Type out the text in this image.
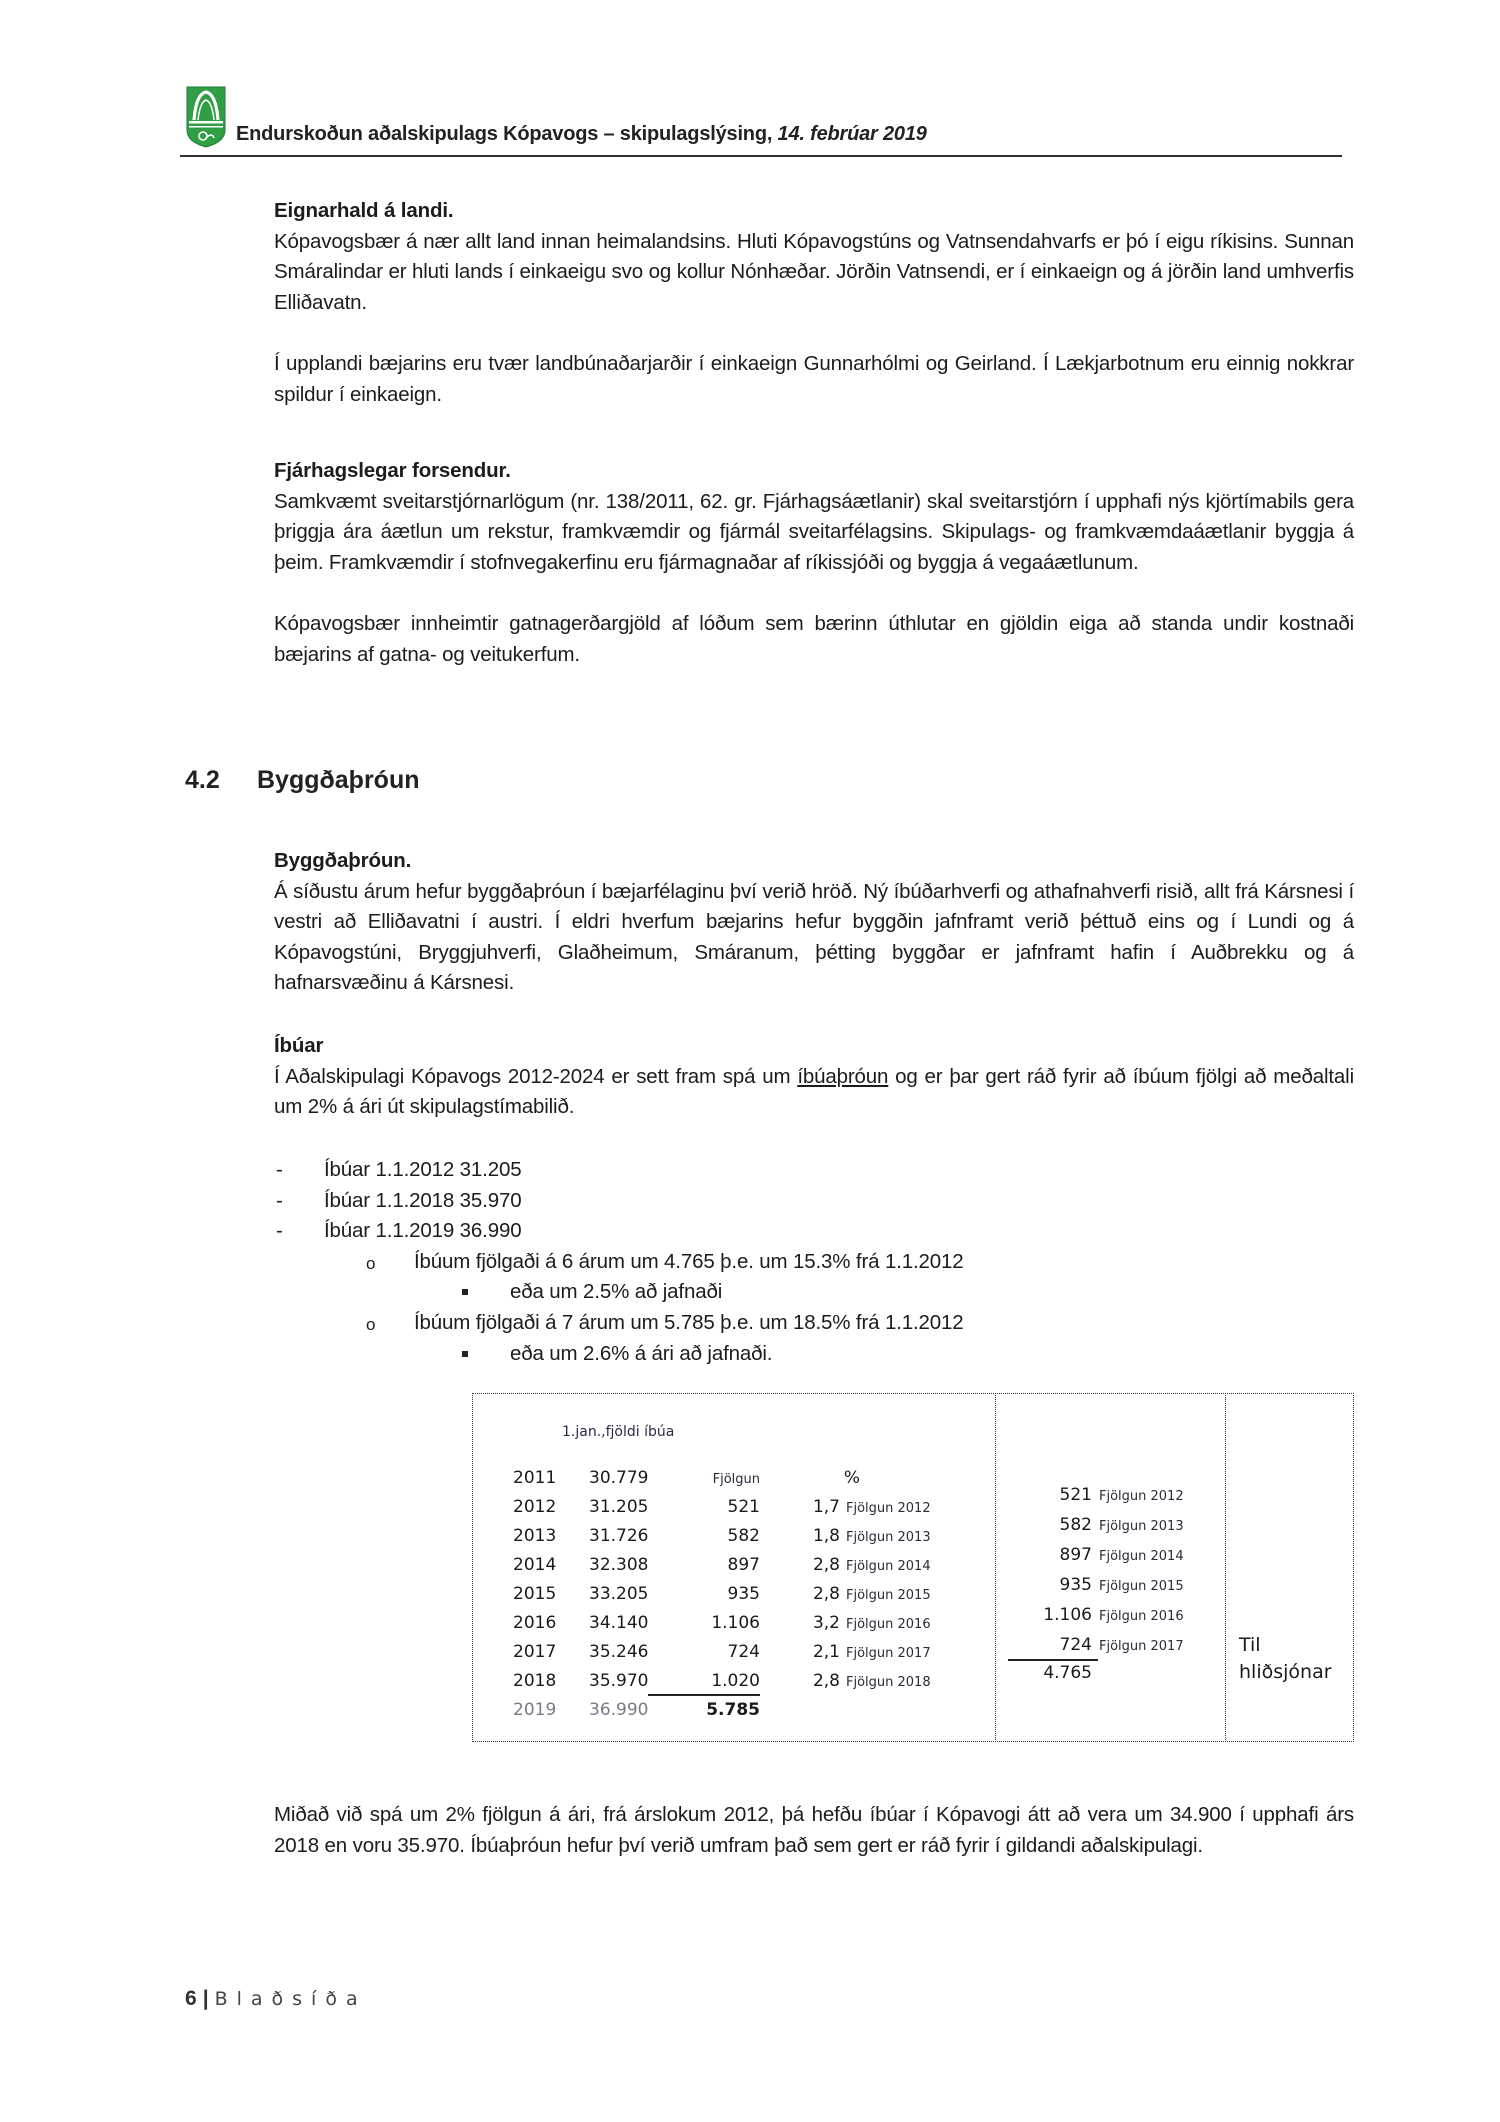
Endurskoðun aðalskipulags Kópavogs – skipulagslýsing, 14. febrúar 2019
Eignarhald á landi.

Kópavogsbær á nær allt land innan heimalandsins. Hluti Kópavogstúns og Vatnsendahvarfs er þó í eigu ríkisins. Sunnan Smáralindar er hluti lands í einkaeigu svo og kollur Nónhæðar. Jörðin Vatnsendi, er í einkaeign og á jörðin land umhverfis Elliðavatn.

Í upplandi bæjarins eru tvær landbúnaðarjarðir í einkaeign Gunnarhólmi og Geirland. Í Lækjarbotnum eru einnig nokkrar spildur í einkaeign.

Fjárhagslegar forsendur.

Samkvæmt sveitarstjórnarlögum (nr. 138/2011, 62. gr. Fjárhagsáætlanir) skal sveitarstjórn í upphafi nýs kjörtímabils gera þriggja ára áætlun um rekstur, framkvæmdir og fjármál sveitarfélagsins. Skipulags- og framkvæmdaáætlanir byggja á þeim. Framkvæmdir í stofnvegakerfinu eru fjármagnaðar af ríkissjóði og byggja á vegaáætlunum.

Kópavogsbær innheimtir gatnagerðargjöld af lóðum sem bærinn úthlutar en gjöldin eiga að standa undir kostnaði bæjarins af gatna- og veitukerfum.

4.2 Byggðaþróun
Byggðaþróun.

Á síðustu árum hefur byggðaþróun í bæjarfélaginu því verið hröð. Ný íbúðarhverfi og athafnahverfi risið, allt frá Kársnesi í vestri að Elliðavatni í austri. Í eldri hverfum bæjarins hefur byggðin jafnframt verið þéttuð eins og í Lundi og á Kópavogstúni, Bryggjuhverfi, Glaðheimum, Smáranum, þétting byggðar er jafnframt hafin í Auðbrekku og á hafnarsvæðinu á Kársnesi.

Íbúar

Í Aðalskipulagi Kópavogs 2012-2024 er sett fram spá um íbúaþróun og er þar gert ráð fyrir að íbúum fjölgi að meðaltali um 2% á ári út skipulagstímabilið.

- Íbúar 1.1.2012 31.205
- Íbúar 1.1.2018 35.970
- Íbúar 1.1.2019 36.990
o Íbúum fjölgaði á 6 árum um 4.765 þ.e. um 15.3% frá 1.1.2012
eða um 2.5% að jafnaði
o Íbúum fjölgaði á 7 árum um 5.785 þ.e. um 18.5% frá 1.1.2012
eða um 2.6% á ári að jafnaði.
1.jan.,fjöldi íbúa
Fjölgun	%
2011 30.779
2012 31.205	521	1,7 Fjölgun 2012
2013 31.726	582	1,8 Fjölgun 2013
2014 32.308	897	2,8 Fjölgun 2014
2015 33.205	935	2,8 Fjölgun 2015
2016 34.140	1.106	3,2 Fjölgun 2016
2017 35.246	724	2,1 Fjölgun 2017
2018 35.970	1.020	2,8 Fjölgun 2018
2019 36.990	5.785
521 Fjölgun 2012
582 Fjölgun 2013
897 Fjölgun 2014
935 Fjölgun 2015
1.106 Fjölgun 2016
724 Fjölgun 2017
4.765
Til
hliðsjónar

Miðað við spá um 2% fjölgun á ári, frá árslokum 2012, þá hefðu íbúar í Kópavogi átt að vera um 34.900 í upphafi árs 2018 en voru 35.970. Íbúaþróun hefur því verið umfram það sem gert er ráð fyrir í gildandi aðalskipulagi.

6 | Blaðsíða
